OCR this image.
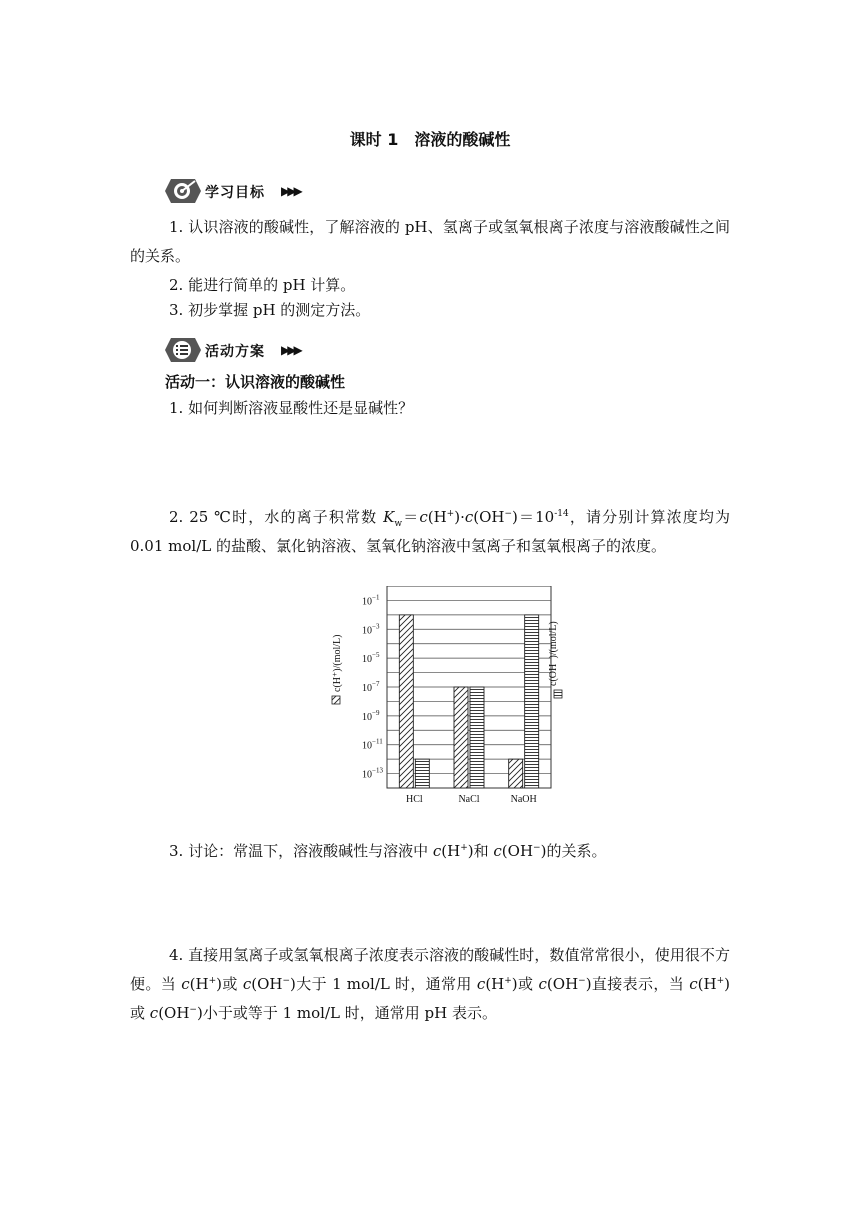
课时 1　溶液的酸碱性
学习目标 ▶▶▶
1. 认识溶液的酸碱性，了解溶液的 pH、氢离子或氢氧根离子浓度与溶液酸碱性之间的关系。
2. 能进行简单的 pH 计算。
3. 初步掌握 pH 的测定方法。
活动方案 ▶▶▶
活动一：认识溶液的酸碱性
1. 如何判断溶液显酸性还是显碱性？
2. 25 ℃时，水的离子积常数 $K_w=c(H^+)\cdot c(OH^-)=10^{-14}$，请分别计算浓度均为 0.01 mol/L 的盐酸、氯化钠溶液、氢氧化钠溶液中氢离子和氢氧根离子的浓度。
$10^{-1}$
$10^{-3}$
$10^{-5}$
$10^{-7}$
$10^{-9}$
$10^{-11}$
$10^{-13}$
HCl	NaCl	NaOH
c(H⁺)/(mol/L)	c(OH⁻)/(mol/L)
3. 讨论：常温下，溶液酸碱性与溶液中 c(H+)和 c(OH−)的关系。
4. 直接用氢离子或氢氧根离子浓度表示溶液的酸碱性时，数值常常很小，使用很不方便。当 c(H+)或 c(OH−)大于 1 mol/L 时，通常用 c(H+)或 c(OH−)直接表示，当 c(H+)或 c(OH−)小于或等于 1 mol/L 时，通常用 pH 表示。
